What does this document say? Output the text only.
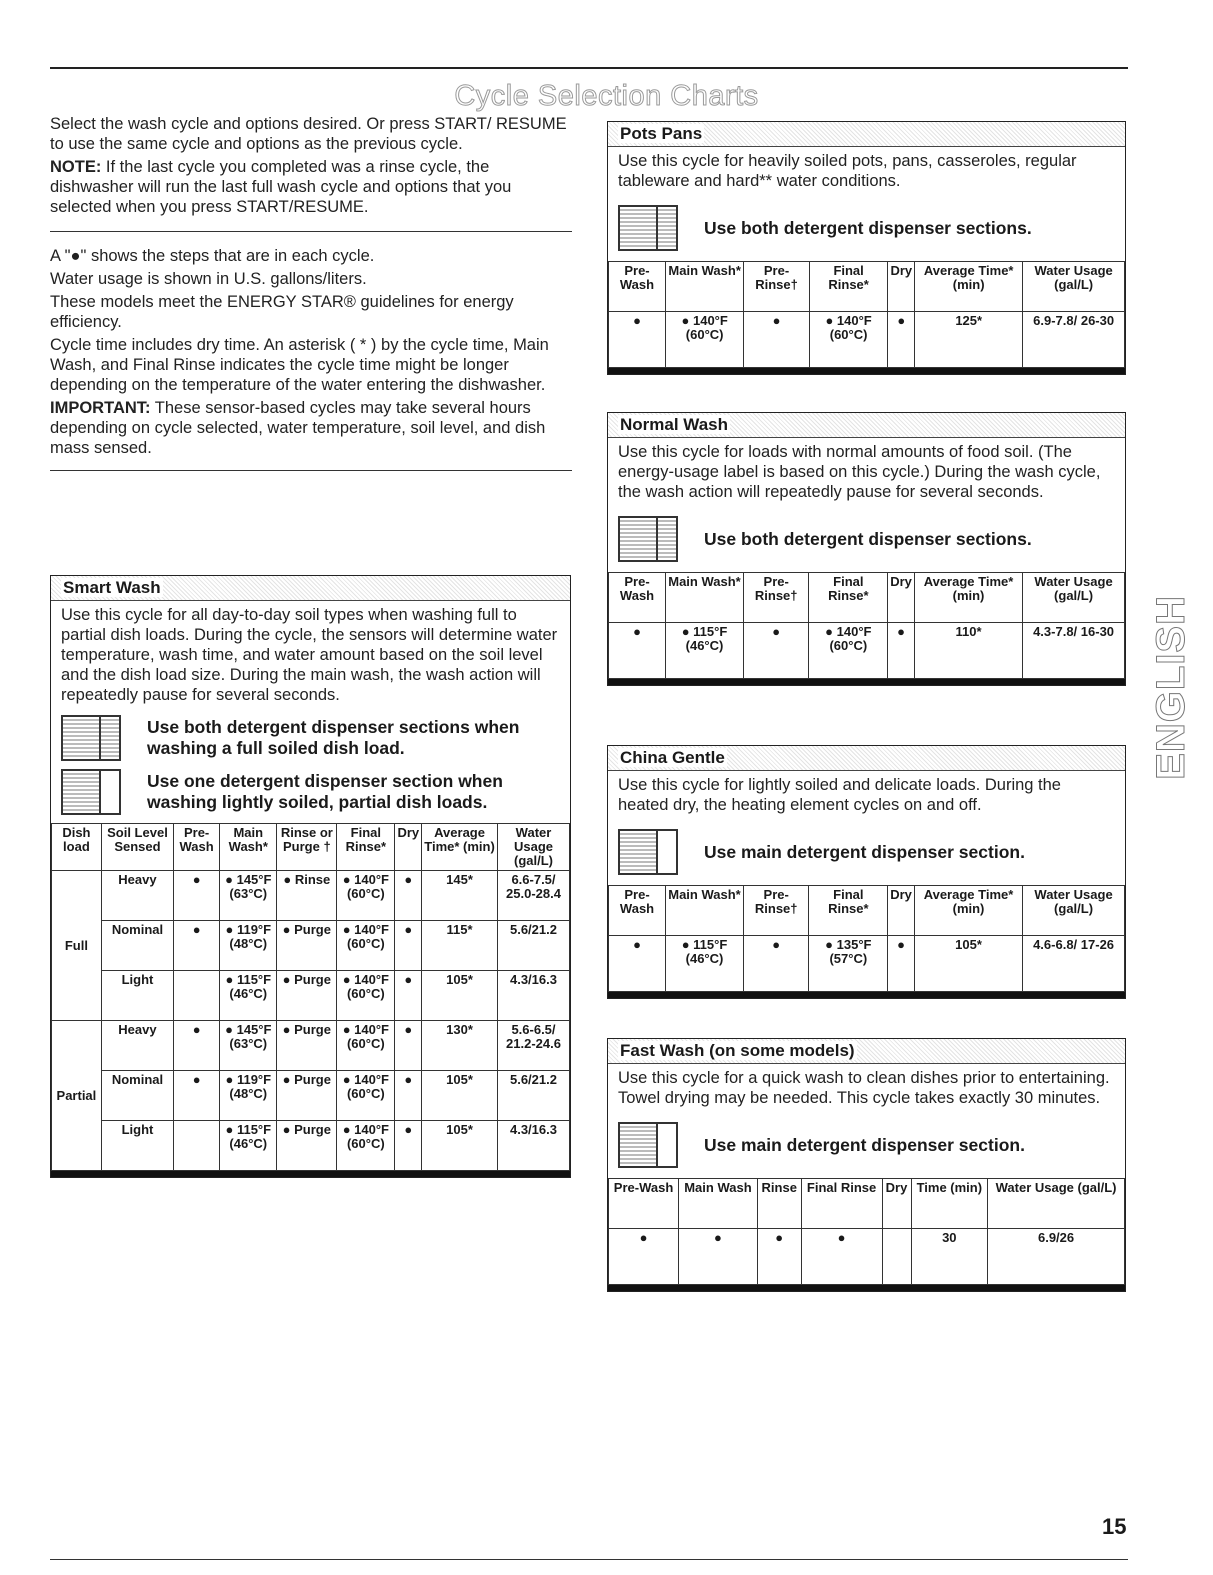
Cycle Selection Charts

Select the wash cycle and options desired. Or press START/ RESUME to use the same cycle and options as the previous cycle.

NOTE: If the last cycle you completed was a rinse cycle, the dishwasher will run the last full wash cycle and options that you selected when you press START/RESUME.

A "●" shows the steps that are in each cycle.

Water usage is shown in U.S. gallons/liters.

These models meet the ENERGY STAR® guidelines for energy efficiency.

Cycle time includes dry time. An asterisk ( * ) by the cycle time, Main Wash, and Final Rinse indicates the cycle time might be longer depending on the temperature of the water entering the dishwasher.

IMPORTANT: These sensor-based cycles may take several hours depending on cycle selected, water temperature, soil level, and dish mass sensed.

Smart Wash
Use this cycle for all day-to-day soil types when washing full to partial dish loads. During the cycle, the sensors will determine water temperature, wash time, and water amount based on the soil level and the dish load size. During the main wash, the wash action will repeatedly pause for several seconds.
Use both detergent dispenser sections when washing a full soiled dish load.
Use one detergent dispenser section when washing lightly soiled, partial dish loads.
Dish load	Soil Level Sensed	Pre-Wash	Main Wash*	Rinse or Purge †	Final Rinse*	Dry	Average Time* (min)	Water Usage (gal/L)
Full	Heavy	●	● 145°F (63°C)	● Rinse	● 140°F (60°C)	●	145*	6.6-7.5/ 25.0-28.4
	Nominal	●	● 119°F (48°C)	● Purge	● 140°F (60°C)	●	115*	5.6/21.2
	Light		● 115°F (46°C)	● Purge	● 140°F (60°C)	●	105*	4.3/16.3
Partial	Heavy	●	● 145°F (63°C)	● Purge	● 140°F (60°C)	●	130*	5.6-6.5/ 21.2-24.6
	Nominal	●	● 119°F (48°C)	● Purge	● 140°F (60°C)	●	105*	5.6/21.2
	Light		● 115°F (46°C)	● Purge	● 140°F (60°C)	●	105*	4.3/16.3
Pots Pans
Use this cycle for heavily soiled pots, pans, casseroles, regular tableware and hard** water conditions.
Use both detergent dispenser sections.
Pre-Wash	Main Wash*	Pre-Rinse†	Final Rinse*	Dry	Average Time* (min)	Water Usage (gal/L)
●	● 140°F (60°C)	●	● 140°F (60°C)	●	125*	6.9-7.8/ 26-30
Normal Wash
Use this cycle for loads with normal amounts of food soil. (The energy-usage label is based on this cycle.) During the wash cycle, the wash action will repeatedly pause for several seconds.
Use both detergent dispenser sections.
Pre-Wash	Main Wash*	Pre-Rinse†	Final Rinse*	Dry	Average Time* (min)	Water Usage (gal/L)
●	● 115°F (46°C)	●	● 140°F (60°C)	●	110*	4.3-7.8/ 16-30
China Gentle
Use this cycle for lightly soiled and delicate loads. During the heated dry, the heating element cycles on and off.
Use main detergent dispenser section.
Pre-Wash	Main Wash*	Pre-Rinse†	Final Rinse*	Dry	Average Time* (min)	Water Usage (gal/L)
●	● 115°F (46°C)	●	● 135°F (57°C)	●	105*	4.6-6.8/ 17-26
Fast Wash (on some models)
Use this cycle for a quick wash to clean dishes prior to entertaining. Towel drying may be needed. This cycle takes exactly 30 minutes.
Use main detergent dispenser section.
Pre-Wash	Main Wash	Rinse	Final Rinse	Dry	Time (min)	Water Usage (gal/L)
●	●	●	●		30	6.9/26
ENGLISH
15
